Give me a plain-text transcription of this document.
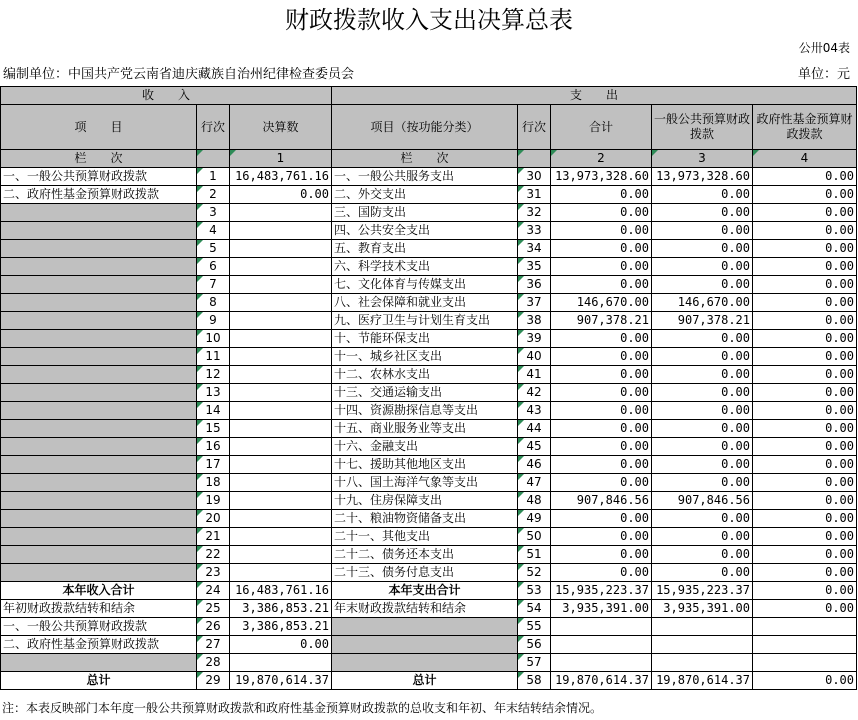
财政拨款收入支出决算总表
公卅04表
编制单位：中国共产党云南省迪庆藏族自治州纪律检查委员会	单位：元
收　　入			支　　出				
项　　目	行次	决算数	项目（按功能分类）	行次	合计	一般公共预算财政拨款	政府性基金预算财政拨款
栏　　次		1	栏　　次		2	3	4
一、一般公共预算财政拨款	1	16,483,761.16	一、一般公共服务支出	30	13,973,328.60	13,973,328.60	0.00
二、政府性基金预算财政拨款	2	0.00	二、外交支出	31	0.00	0.00	0.00
	3		三、国防支出	32	0.00	0.00	0.00
	4		四、公共安全支出	33	0.00	0.00	0.00
	5		五、教育支出	34	0.00	0.00	0.00
	6		六、科学技术支出	35	0.00	0.00	0.00
	7		七、文化体育与传媒支出	36	0.00	0.00	0.00
	8		八、社会保障和就业支出	37	146,670.00	146,670.00	0.00
	9		九、医疗卫生与计划生育支出	38	907,378.21	907,378.21	0.00
	10		十、节能环保支出	39	0.00	0.00	0.00
	11		十一、城乡社区支出	40	0.00	0.00	0.00
	12		十二、农林水支出	41	0.00	0.00	0.00
	13		十三、交通运输支出	42	0.00	0.00	0.00
	14		十四、资源勘探信息等支出	43	0.00	0.00	0.00
	15		十五、商业服务业等支出	44	0.00	0.00	0.00
	16		十六、金融支出	45	0.00	0.00	0.00
	17		十七、援助其他地区支出	46	0.00	0.00	0.00
	18		十八、国土海洋气象等支出	47	0.00	0.00	0.00
	19		十九、住房保障支出	48	907,846.56	907,846.56	0.00
	20		二十、粮油物资储备支出	49	0.00	0.00	0.00
	21		二十一、其他支出	50	0.00	0.00	0.00
	22		二十二、债务还本支出	51	0.00	0.00	0.00
	23		二十三、债务付息支出	52	0.00	0.00	0.00
本年收入合计	24	16,483,761.16	本年支出合计	53	15,935,223.37	15,935,223.37	0.00
年初财政拨款结转和结余	25	3,386,853.21	年末财政拨款结转和结余	54	3,935,391.00	3,935,391.00	0.00
一、一般公共预算财政拨款	26	3,386,853.21		55			
二、政府性基金预算财政拨款	27	0.00		56			
	28			57			
总计	29	19,870,614.37	总计	58	19,870,614.37	19,870,614.37	0.00
注：本表反映部门本年度一般公共预算财政拨款和政府性基金预算财政拨款的总收支和年初、年末结转结余情况。
